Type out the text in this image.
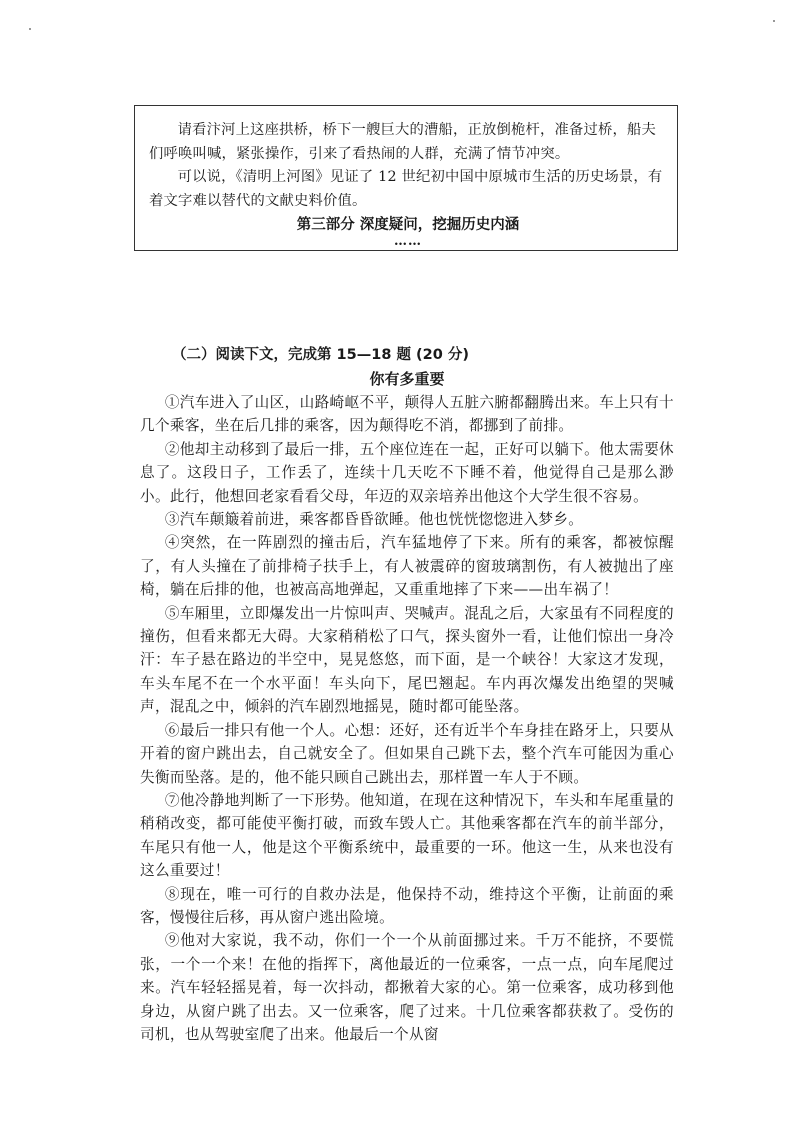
请看汴河上这座拱桥，桥下一艘巨大的漕船，正放倒桅杆，准备过桥，船夫们呼唤叫喊，紧张操作，引来了看热闹的人群，充满了情节冲突。

可以说，《清明上河图》见证了 12 世纪初中国中原城市生活的历史场景，有着文字难以替代的文献史料价值。

第三部分 深度疑问，挖掘历史内涵
……

（二）阅读下文，完成第 15—18 题 (20 分)

你有多重要

①汽车进入了山区，山路崎岖不平，颠得人五脏六腑都翻腾出来。车上只有十几个乘客，坐在后几排的乘客，因为颠得吃不消，都挪到了前排。

②他却主动移到了最后一排，五个座位连在一起，正好可以躺下。他太需要休息了。这段日子，工作丢了，连续十几天吃不下睡不着，他觉得自己是那么渺小。此行，他想回老家看看父母，年迈的双亲培养出他这个大学生很不容易。

③汽车颠簸着前进，乘客都昏昏欲睡。他也恍恍惚惚进入梦乡。

④突然，在一阵剧烈的撞击后，汽车猛地停了下来。所有的乘客，都被惊醒了，有人头撞在了前排椅子扶手上，有人被震碎的窗玻璃割伤，有人被抛出了座椅，躺在后排的他，也被高高地弹起，又重重地摔了下来——出车祸了！

⑤车厢里，立即爆发出一片惊叫声、哭喊声。混乱之后，大家虽有不同程度的撞伤，但看来都无大碍。大家稍稍松了口气，探头窗外一看，让他们惊出一身冷汗：车子悬在路边的半空中，晃晃悠悠，而下面，是一个峡谷！大家这才发现，车头车尾不在一个水平面！车头向下，尾巴翘起。车内再次爆发出绝望的哭喊声，混乱之中，倾斜的汽车剧烈地摇晃，随时都可能坠落。

⑥最后一排只有他一个人。心想：还好，还有近半个车身挂在路牙上，只要从开着的窗户跳出去，自己就安全了。但如果自己跳下去，整个汽车可能因为重心失衡而坠落。是的，他不能只顾自己跳出去，那样置一车人于不顾。

⑦他冷静地判断了一下形势。他知道，在现在这种情况下，车头和车尾重量的稍稍改变，都可能使平衡打破，而致车毁人亡。其他乘客都在汽车的前半部分，车尾只有他一人，他是这个平衡系统中，最重要的一环。他这一生，从来也没有这么重要过！

⑧现在，唯一可行的自救办法是，他保持不动，维持这个平衡，让前面的乘客，慢慢往后移，再从窗户逃出险境。

⑨他对大家说，我不动，你们一个一个从前面挪过来。千万不能挤，不要慌张，一个一个来！在他的指挥下，离他最近的一位乘客，一点一点，向车尾爬过来。汽车轻轻摇晃着，每一次抖动，都揪着大家的心。第一位乘客，成功移到他身边，从窗户跳了出去。又一位乘客，爬了过来。十几位乘客都获救了。受伤的司机，也从驾驶室爬了出来。他最后一个从窗
